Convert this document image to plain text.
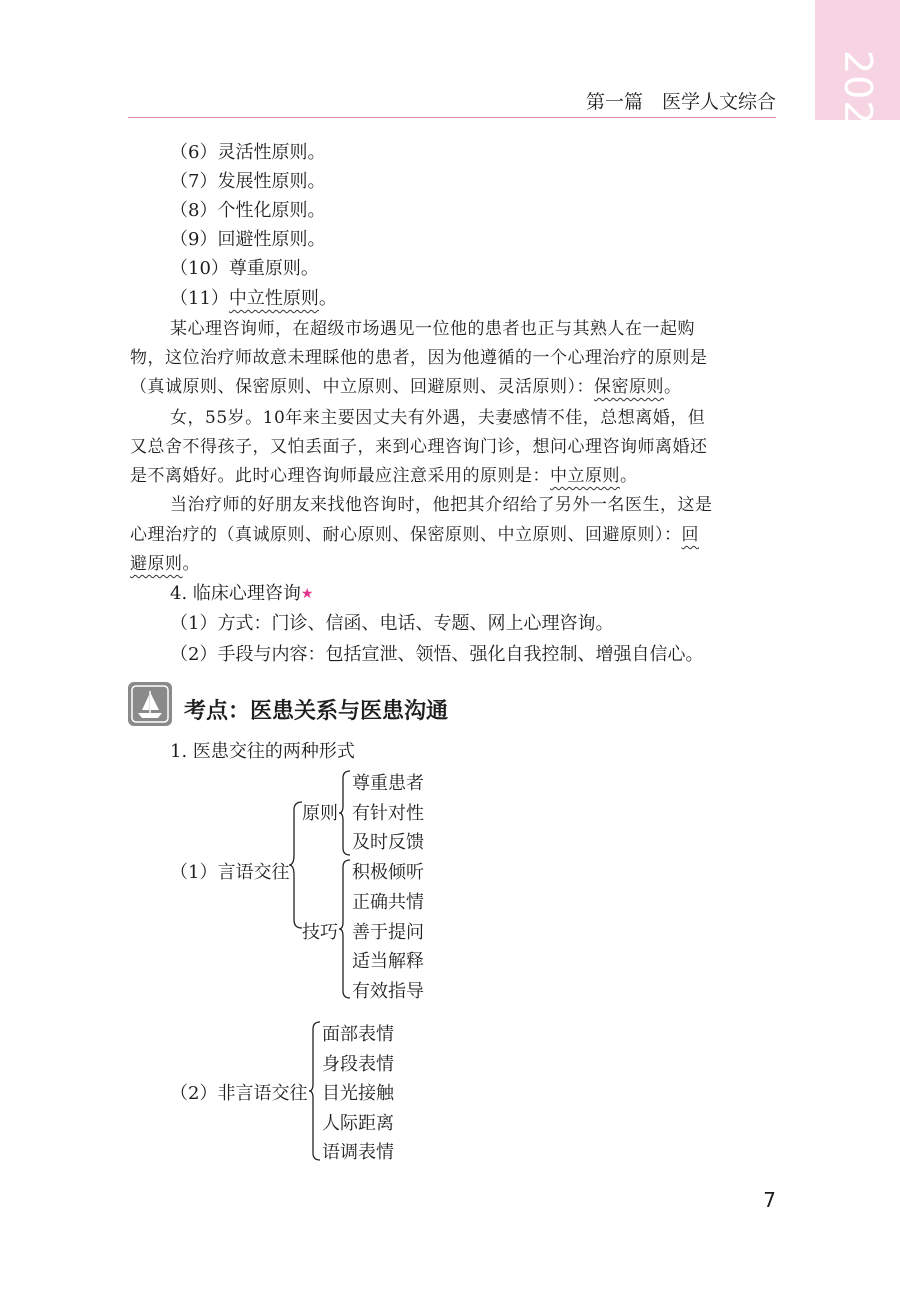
2025
第一篇　医学人文综合
（6）灵活性原则。
（7）发展性原则。
（8）个性化原则。
（9）回避性原则。
（10）尊重原则。
（11）中立性原则。
某心理咨询师，在超级市场遇见一位他的患者也正与其熟人在一起购
物，这位治疗师故意未理睬他的患者，因为他遵循的一个心理治疗的原则是
（真诚原则、保密原则、中立原则、回避原则、灵活原则）：保密原则。
女，55岁。10年来主要因丈夫有外遇，夫妻感情不佳，总想离婚，但
又总舍不得孩子，又怕丢面子，来到心理咨询门诊，想问心理咨询师离婚还
是不离婚好。此时心理咨询师最应注意采用的原则是：中立原则。
当治疗师的好朋友来找他咨询时，他把其介绍给了另外一名医生，这是
心理治疗的（真诚原则、耐心原则、保密原则、中立原则、回避原则）：回
避原则。
4. 临床心理咨询★
（1）方式：门诊、信函、电话、专题、网上心理咨询。
（2）手段与内容：包括宣泄、领悟、强化自我控制、增强自信心。
考点：医患关系与医患沟通
1. 医患交往的两种形式
（1）言语交往
原则
尊重患者
有针对性
及时反馈
技巧
积极倾听
正确共情
善于提问
适当解释
有效指导
（2）非言语交往
面部表情
身段表情
目光接触
人际距离
语调表情
7
